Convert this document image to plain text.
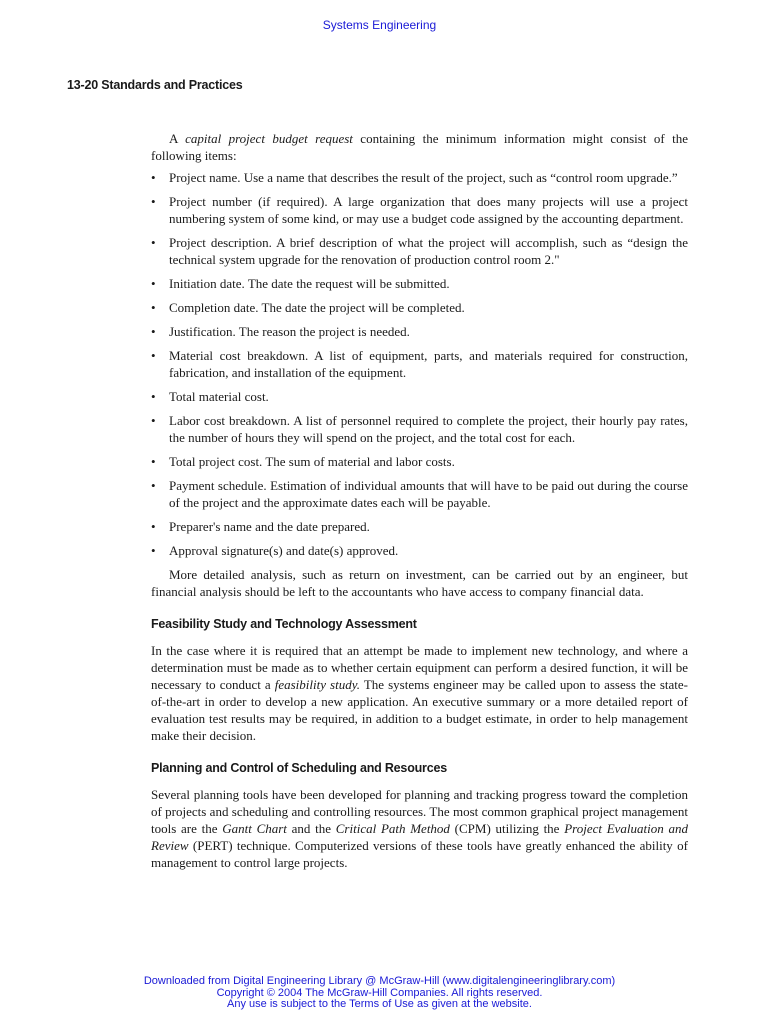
Systems Engineering
13-20 Standards and Practices

A capital project budget request containing the minimum information might consist of the following items:

• Project name. Use a name that describes the result of the project, such as “control room upgrade.”
• Project number (if required). A large organization that does many projects will use a project numbering system of some kind, or may use a budget code assigned by the accounting department.
• Project description. A brief description of what the project will accomplish, such as “design the technical system upgrade for the renovation of production control room 2."
• Initiation date. The date the request will be submitted.
• Completion date. The date the project will be completed.
• Justification. The reason the project is needed.
• Material cost breakdown. A list of equipment, parts, and materials required for construction, fabrication, and installation of the equipment.
• Total material cost.
• Labor cost breakdown. A list of personnel required to complete the project, their hourly pay rates, the number of hours they will spend on the project, and the total cost for each.
• Total project cost. The sum of material and labor costs.
• Payment schedule. Estimation of individual amounts that will have to be paid out during the course of the project and the approximate dates each will be payable.
• Preparer's name and the date prepared.
• Approval signature(s) and date(s) approved.

More detailed analysis, such as return on investment, can be carried out by an engineer, but financial analysis should be left to the accountants who have access to company financial data.

Feasibility Study and Technology Assessment

In the case where it is required that an attempt be made to implement new technology, and where a determination must be made as to whether certain equipment can perform a desired function, it will be necessary to conduct a feasibility study. The systems engineer may be called upon to assess the state-of-the-art in order to develop a new application. An executive summary or a more detailed report of evaluation test results may be required, in addition to a budget estimate, in order to help management make their decision.

Planning and Control of Scheduling and Resources

Several planning tools have been developed for planning and tracking progress toward the completion of projects and scheduling and controlling resources. The most common graphical project management tools are the Gantt Chart and the Critical Path Method (CPM) utilizing the Project Evaluation and Review (PERT) technique. Computerized versions of these tools have greatly enhanced the ability of management to control large projects.

Downloaded from Digital Engineering Library @ McGraw-Hill (www.digitalengineeringlibrary.com)
Copyright © 2004 The McGraw-Hill Companies. All rights reserved.
Any use is subject to the Terms of Use as given at the website.
